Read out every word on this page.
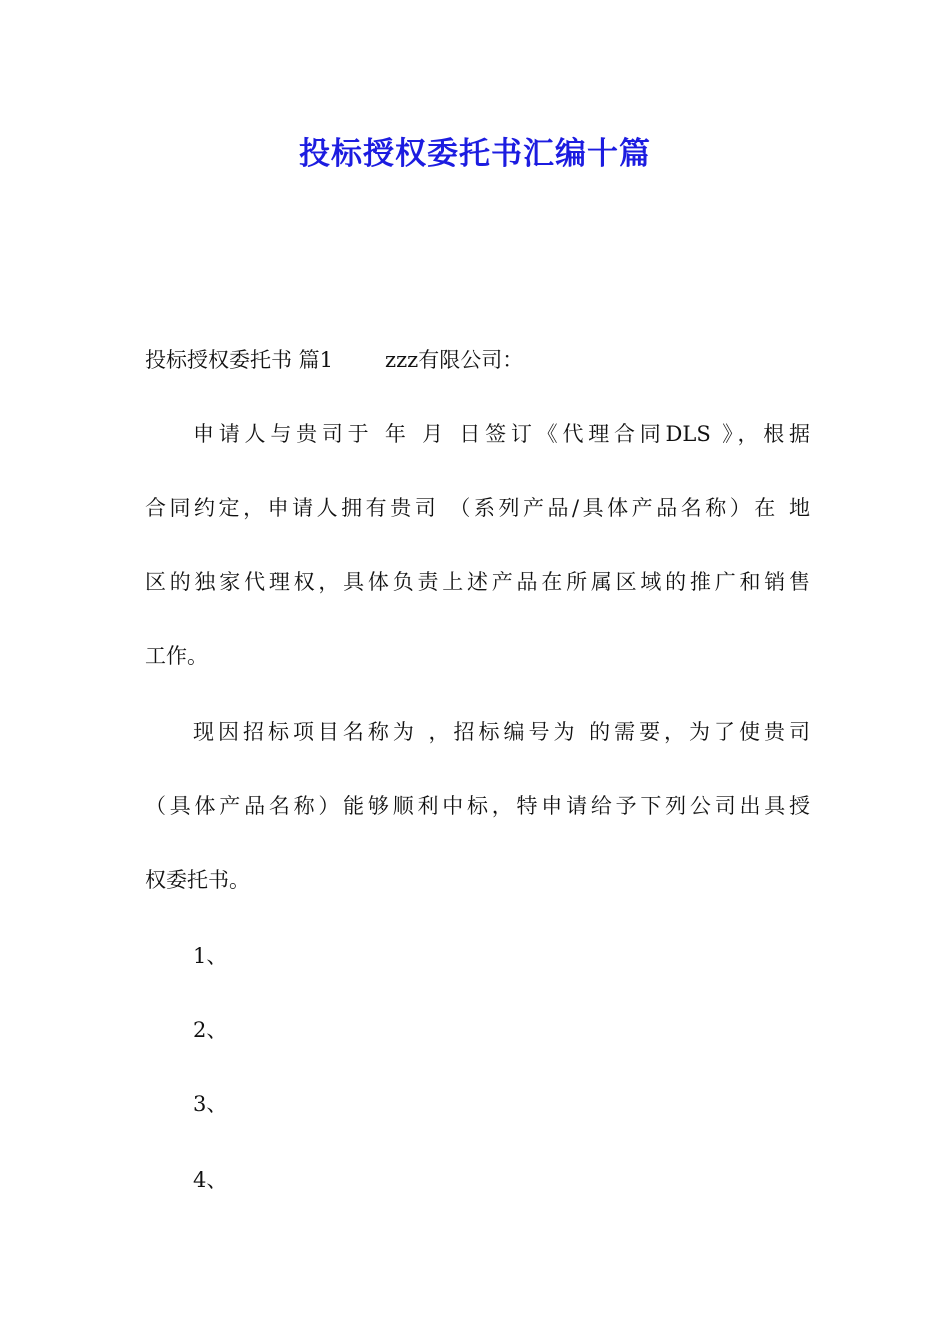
投标授权委托书汇编十篇

投标授权委托书 篇1 zzz有限公司：

申请人与贵司于 年 月 日签订《代理合同DLS 》，根据

合同约定，申请人拥有贵司 （系列产品/具体产品名称）在 地

区的独家代理权，具体负责上述产品在所属区域的推广和销售

工作。

现因招标项目名称为 ，招标编号为 的需要，为了使贵司

（具体产品名称）能够顺利中标，特申请给予下列公司出具授

权委托书。

1、

2、

3、

4、
